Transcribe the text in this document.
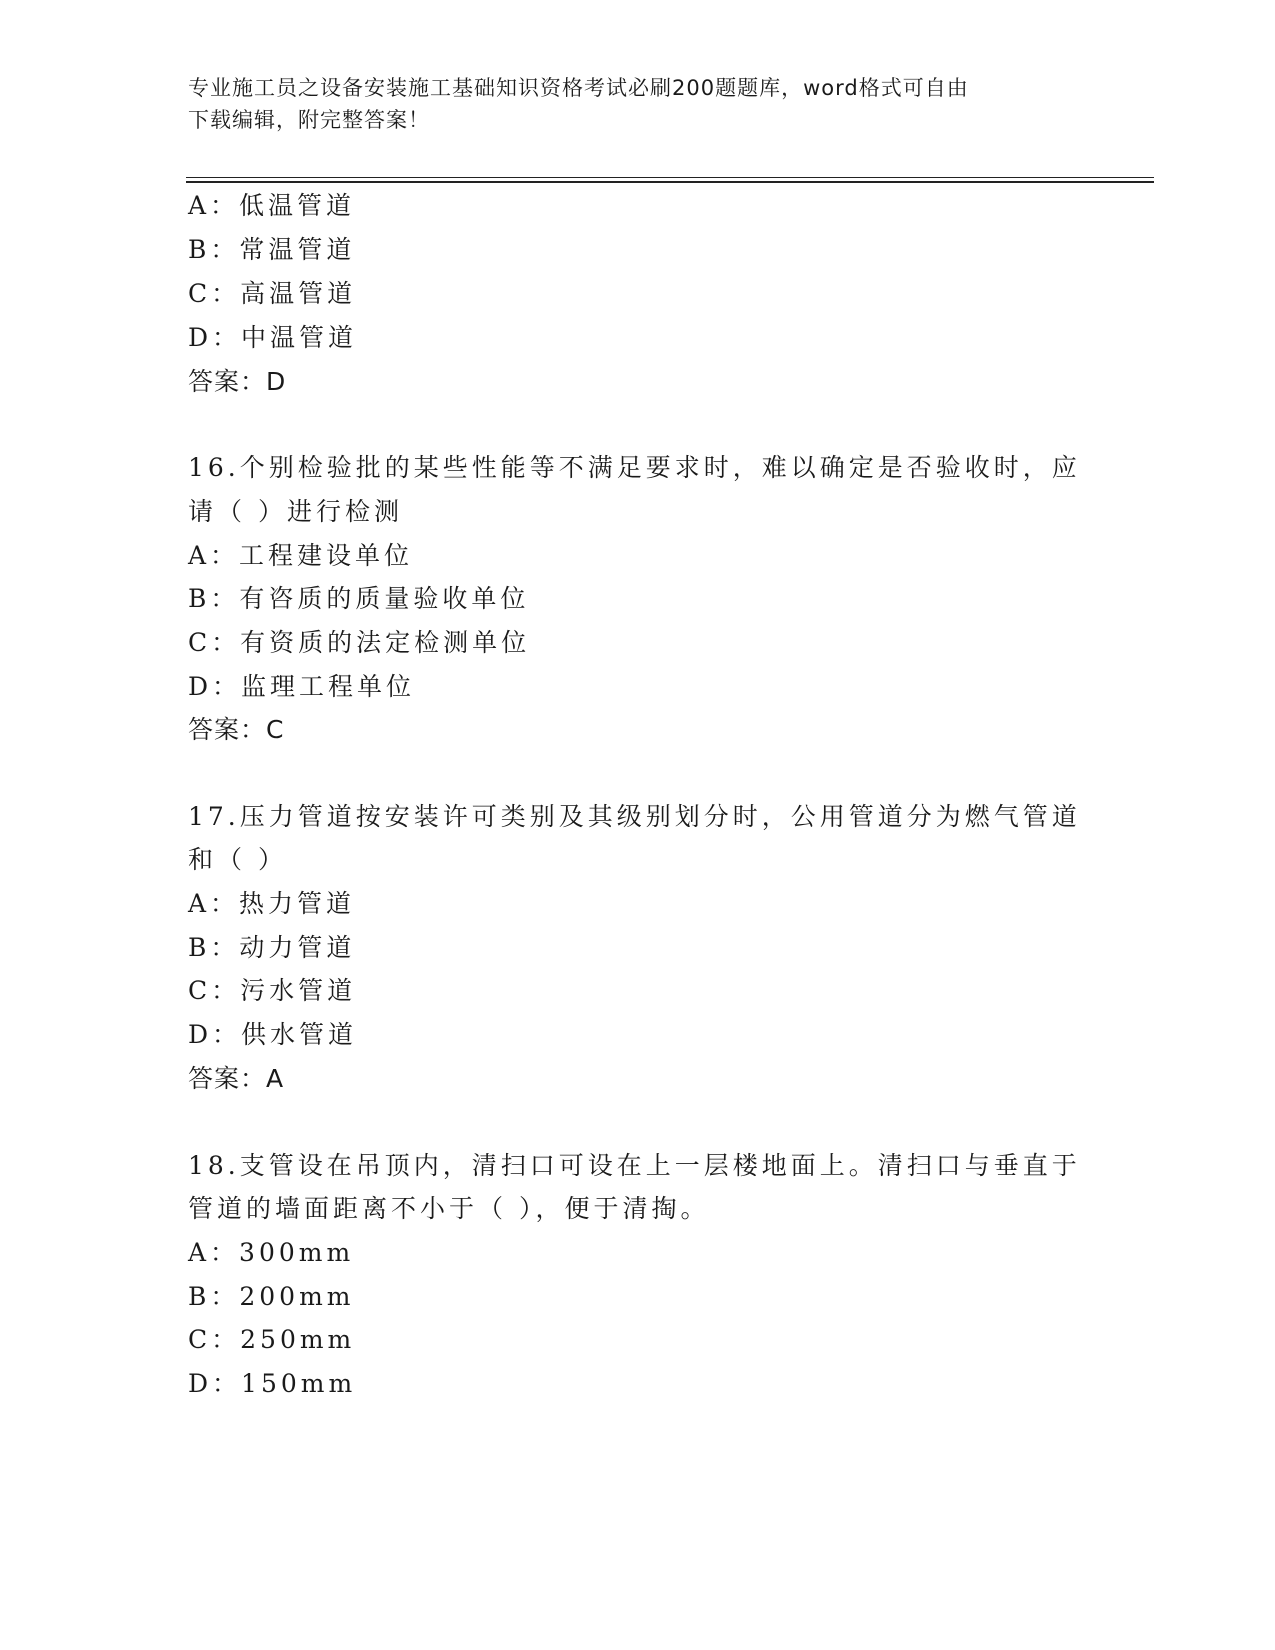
专业施工员之设备安装施工基础知识资格考试必刷200题题库，word格式可自由
下载编辑，附完整答案！
A：低温管道
B：常温管道
C：高温管道
D：中温管道
答案：D
16.个别检验批的某些性能等不满足要求时，难以确定是否验收时，应
请（ ）进行检测
A：工程建设单位
B：有咨质的质量验收单位
C：有资质的法定检测单位
D：监理工程单位
答案：C
17.压力管道按安装许可类别及其级别划分时，公用管道分为燃气管道
和（ ）
A：热力管道
B：动力管道
C：污水管道
D：供水管道
答案：A
18.支管设在吊顶内，清扫口可设在上一层楼地面上。清扫口与垂直于
管道的墙面距离不小于（ ），便于清掏。
A：300mm
B：200mm
C：250mm
D：150mm
